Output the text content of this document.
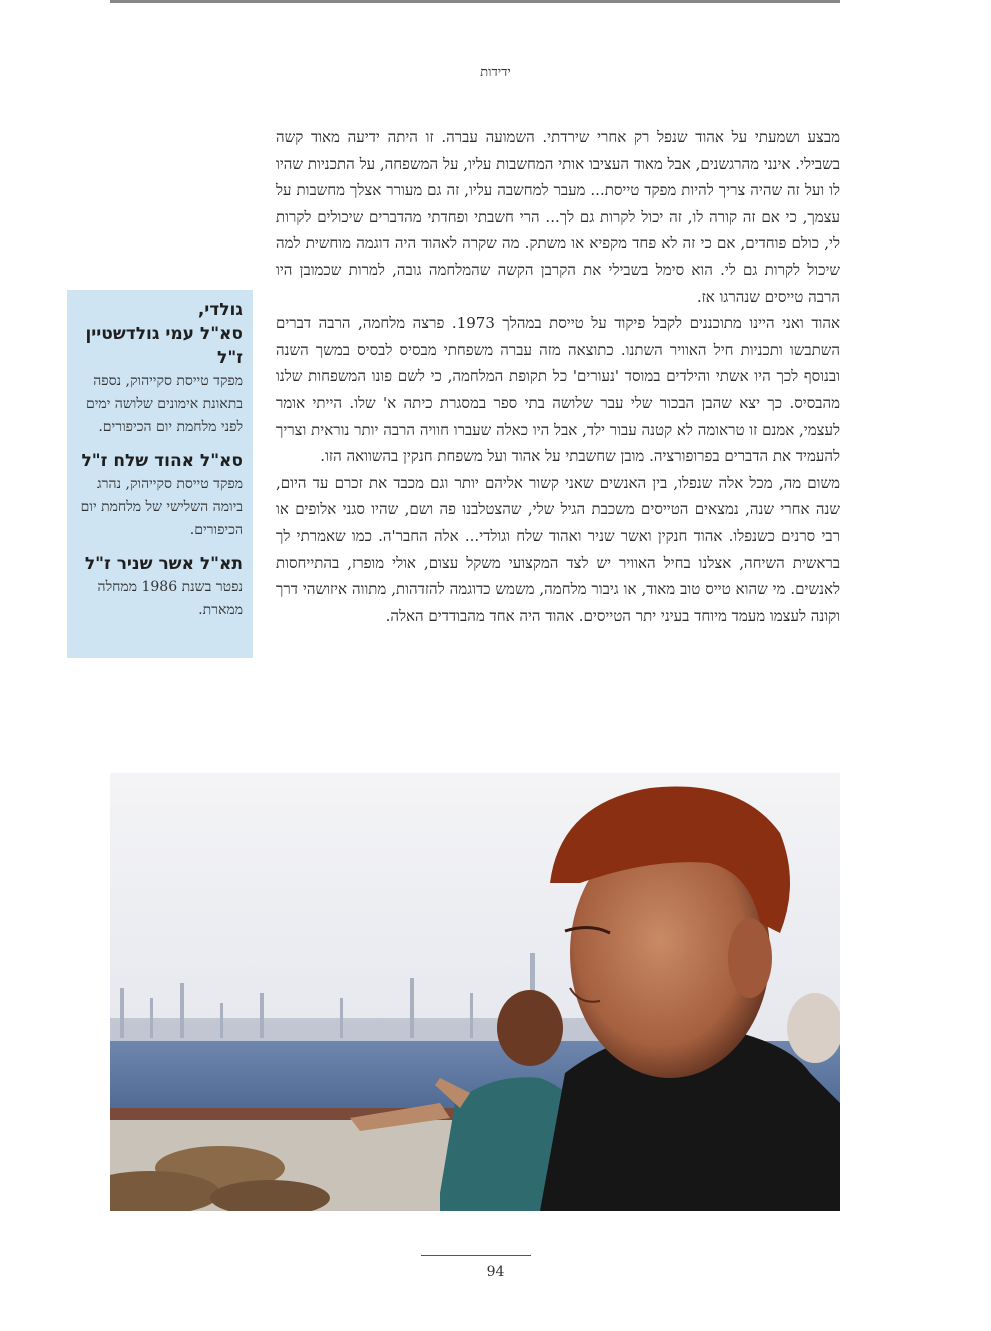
ידידות

מבצע ושמעתי על אהוד שנפל רק אחרי שירדתי. השמועה עברה. זו היתה ידיעה מאוד קשה בשבילי. אינני מהרגשנים, אבל מאוד העציבו אותי המחשבות עליו, על המשפחה, על התכניות שהיו לו ועל זה שהיה צריך להיות מפקד טייסת... מעבר למחשבה עליו, זה גם מעורר אצלך מחשבות על עצמך, כי אם זה קורה לו, זה יכול לקרות גם לך... הרי חשבתי ופחדתי מהדברים שיכולים לקרות לי, כולם פוחדים, אם כי זה לא פחד מקפיא או משתק. מה שקרה לאהוד היה דוגמה מוחשית למה שיכול לקרות גם לי. הוא סימל בשבילי את הקרבן הקשה שהמלחמה גובה, למרות שכמובן היו הרבה טייסים שנהרגו אז.

אהוד ואני היינו מתוכננים לקבל פיקוד על טייסת במהלך 1973. פרצה מלחמה, הרבה דברים השתבשו ותכניות חיל האוויר השתנו. כתוצאה מזה עברה משפחתי מבסיס לבסיס במשך השנה ובנוסף לכך היו אשתי והילדים במוסד 'נעורים' כל תקופת המלחמה, כי לשם פונו המשפחות שלנו מהבסיס. כך יצא שהבן הבכור שלי עבר שלושה בתי ספר במסגרת כיתה א' שלו. הייתי אומר לעצמי, אמנם זו טראומה לא קטנה עבור ילד, אבל היו כאלה שעברו חוויה הרבה יותר נוראית וצריך להעמיד את הדברים בפרופורציה. מובן שחשבתי על אהוד ועל משפחת חנקין בהשוואה הזו.

משום מה, מכל אלה שנפלו, בין האנשים שאני קשור אליהם יותר וגם מכבד את זכרם עד היום, שנה אחרי שנה, נמצאים הטייסים משכבת הגיל שלי, שהצטלבנו פה ושם, שהיו סגני אלופים או רבי סרנים כשנפלו. אהוד חנקין ואשר שניר ואהוד שלח וגולדי... אלה החבר'ה. כמו שאמרתי לך בראשית השיחה, אצלנו בחיל האוויר יש לצד המקצועי משקל עצום, אולי מופרז, בהתייחסות לאנשים. מי שהוא טייס טוב מאוד, או גיבור מלחמה, משמש כדוגמה להזדהות, מתווה איזושהי דרך וקונה לעצמו מעמד מיוחד בעיני יתר הטייסים. אהוד היה אחד מהבודדים האלה.

גולדי,
סא"ל עמי גולדשטיין ז"ל
מפקד טייסת סקייהוק, נספה בתאונת אימונים שלושה ימים לפני מלחמת יום הכיפורים.
סא"ל אהוד שלח ז"ל
מפקד טייסת סקייהוק, נהרג ביומה השלישי של מלחמת יום הכיפורים.
תא"ל אשר שניר ז"ל
נפטר בשנת 1986 ממחלה ממארת.
94
